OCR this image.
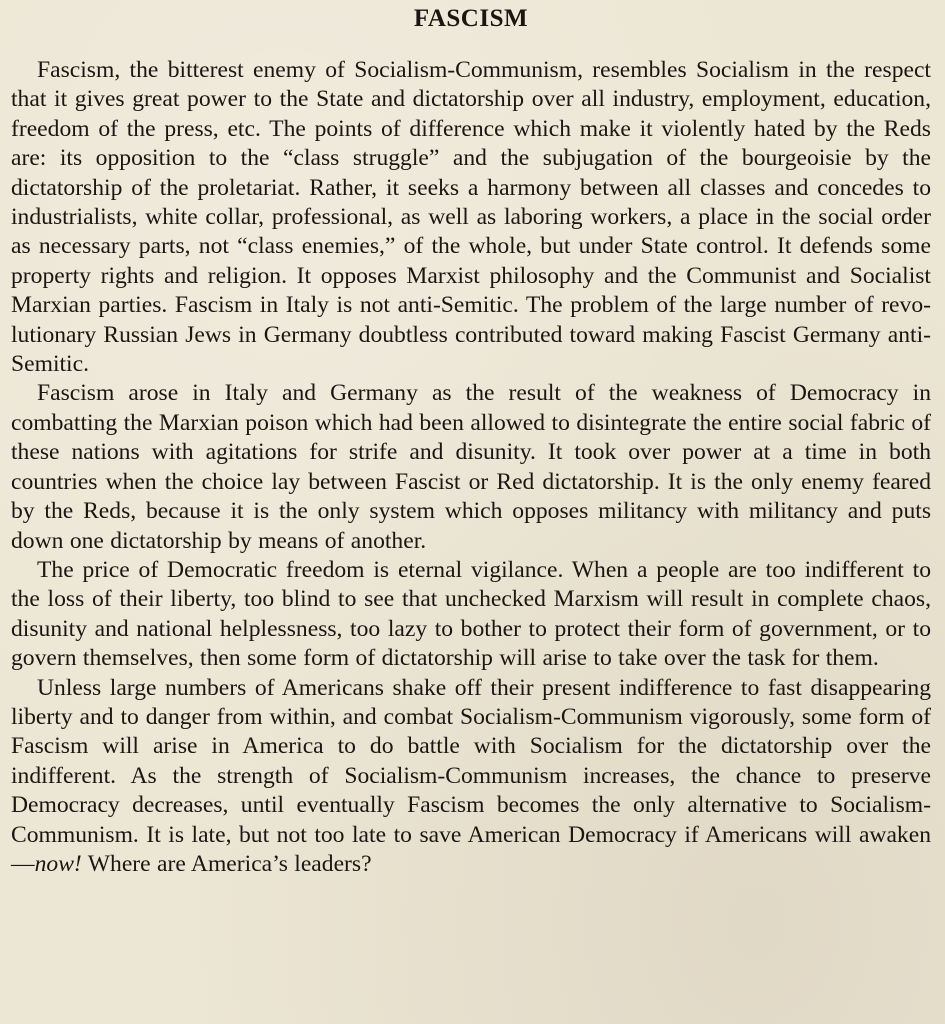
FASCISM

Fascism, the bitterest enemy of Socialism-Communism, resembles Socialism in the respect that it gives great power to the State and dictatorship over all industry, employment, education, freedom of the press, etc. The points of difference which make it violently hated by the Reds are: its opposition to the “class struggle” and the subjugation of the bourgeoisie by the dictatorship of the proletariat. Rather, it seeks a harmony between all classes and concedes to industrialists, white collar, professional, as well as laboring workers, a place in the social order as necessary parts, not “class enemies,” of the whole, but under State control. It defends some property rights and religion. It opposes Marxist philosophy and the Communist and Socialist Marxian parties. Fascism in Italy is not anti-Semitic. The problem of the large number of revolutionary Russian Jews in Germany doubtless contributed toward making Fascist Germany anti-Semitic.

Fascism arose in Italy and Germany as the result of the weakness of Democracy in combatting the Marxian poison which had been allowed to disintegrate the entire social fabric of these nations with agitations for strife and disunity. It took over power at a time in both countries when the choice lay between Fascist or Red dictatorship. It is the only enemy feared by the Reds, because it is the only system which opposes militancy with militancy and puts down one dictatorship by means of another.

The price of Democratic freedom is eternal vigilance. When a people are too indifferent to the loss of their liberty, too blind to see that unchecked Marxism will result in complete chaos, disunity and national helplessness, too lazy to bother to protect their form of government, or to govern themselves, then some form of dictatorship will arise to take over the task for them.

Unless large numbers of Americans shake off their present indifference to fast disappearing liberty and to danger from within, and combat Socialism-Communism vigorously, some form of Fascism will arise in America to do battle with Socialism for the dictatorship over the indifferent. As the strength of Socialism-Communism increases, the chance to preserve Democracy decreases, until eventually Fascism becomes the only alternative to Socialism-Communism. It is late, but not too late to save American Democracy if Americans will awaken—now! Where are America’s leaders?
